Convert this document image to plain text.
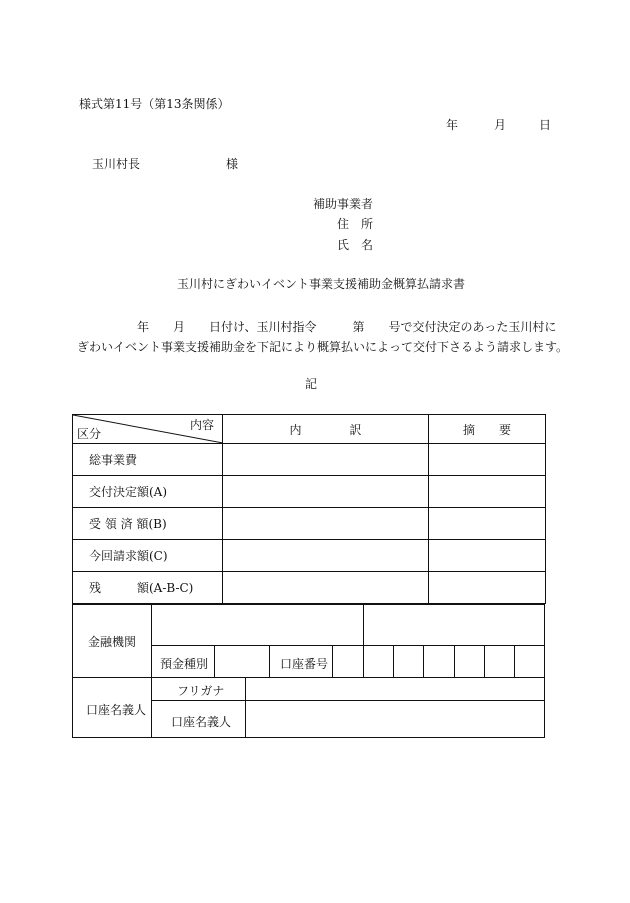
様式第11号（第13条関係）
年	月	日
玉川村長	様
補助事業者
住　所
氏　名
玉川村にぎわいイベント事業支援補助金概算払請求書
年　　月　　日付け、玉川村指令　　　第　　号で交付決定のあった玉川村に
ぎわいイベント事業支援補助金を下記により概算払いによって交付下さるよう請求します。
記
内容
区分	内　　　　訳	摘　　要
総事業費		
交付決定額(A)		
受 領 済 額(B)		
今回請求額(C)		
残　　　額(A-B-C)		
金融機関
預金種別	口座番号
口座名義人
フリガナ
口座名義人
